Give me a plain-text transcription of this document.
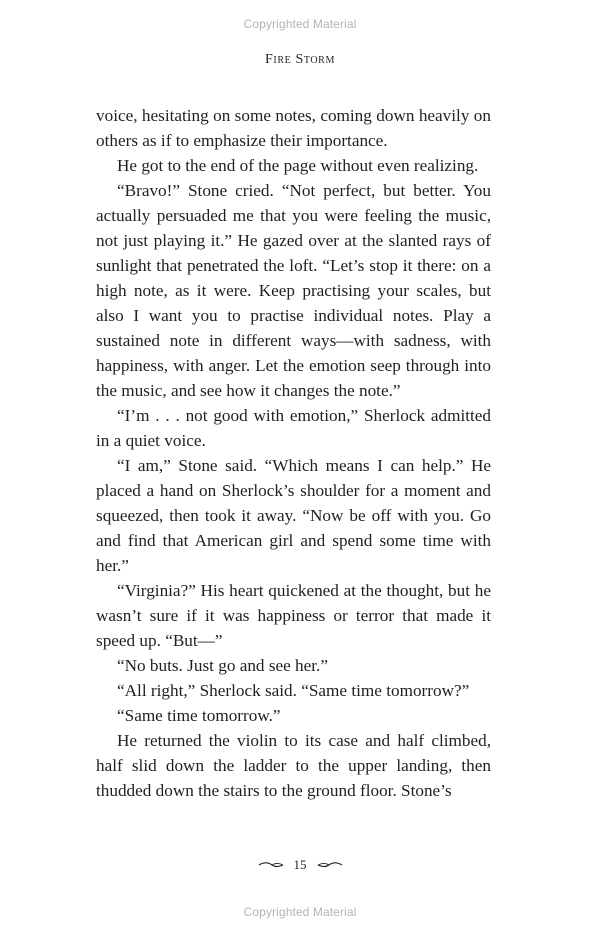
Copyrighted Material
Fire Storm

voice, hesitating on some notes, coming down heavily on others as if to emphasize their importance.

He got to the end of the page without even realizing.

“Bravo!” Stone cried. “Not perfect, but better. You actually persuaded me that you were feeling the music, not just playing it.” He gazed over at the slanted rays of sunlight that penetrated the loft. “Let’s stop it there: on a high note, as it were. Keep practising your scales, but also I want you to practise individual notes. Play a sustained note in different ways—with sadness, with happiness, with anger. Let the emotion seep through into the music, and see how it changes the note.”

“I’m . . . not good with emotion,” Sherlock admitted in a quiet voice.

“I am,” Stone said. “Which means I can help.” He placed a hand on Sherlock’s shoulder for a moment and squeezed, then took it away. “Now be off with you. Go and find that American girl and spend some time with her.”

“Virginia?” His heart quickened at the thought, but he wasn’t sure if it was happiness or terror that made it speed up. “But—”

“No buts. Just go and see her.”

“All right,” Sherlock said. “Same time tomorrow?”

“Same time tomorrow.”

He returned the violin to its case and half climbed, half slid down the ladder to the upper landing, then thudded down the stairs to the ground floor. Stone’s

15
Copyrighted Material
